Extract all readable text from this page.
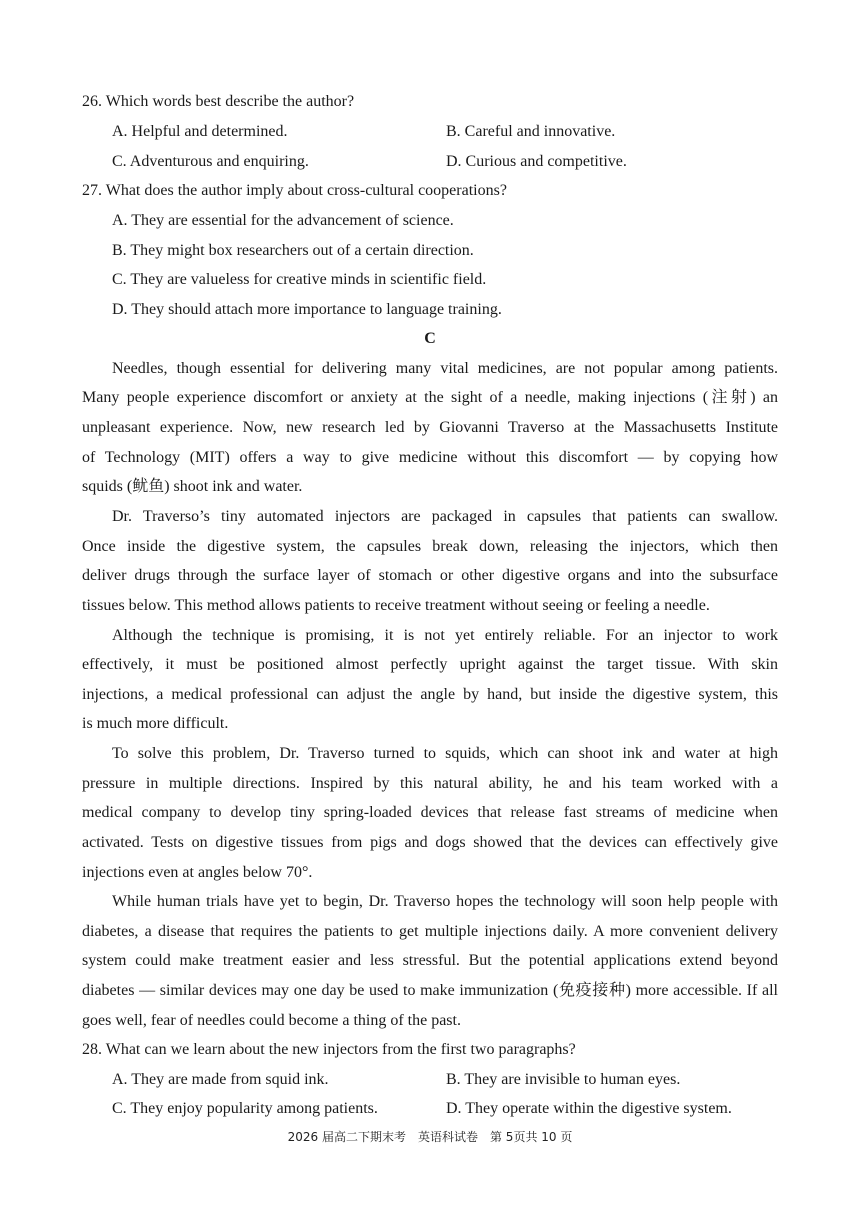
26. Which words best describe the author?
A. Helpful and determined.	B. Careful and innovative.
C. Adventurous and enquiring.	D. Curious and competitive.
27. What does the author imply about cross-cultural cooperations?
A. They are essential for the advancement of science.
B. They might box researchers out of a certain direction.
C. They are valueless for creative minds in scientific field.
D. They should attach more importance to language training.
C
Needles, though essential for delivering many vital medicines, are not popular among patients.
Many people experience discomfort or anxiety at the sight of a needle, making injections (注射) an
unpleasant experience. Now, new research led by Giovanni Traverso at the Massachusetts Institute
of Technology (MIT) offers a way to give medicine without this discomfort — by copying how
squids (鱿鱼) shoot ink and water.
Dr. Traverso’s tiny automated injectors are packaged in capsules that patients can swallow.
Once inside the digestive system, the capsules break down, releasing the injectors, which then
deliver drugs through the surface layer of stomach or other digestive organs and into the subsurface
tissues below. This method allows patients to receive treatment without seeing or feeling a needle.
Although the technique is promising, it is not yet entirely reliable. For an injector to work
effectively, it must be positioned almost perfectly upright against the target tissue. With skin
injections, a medical professional can adjust the angle by hand, but inside the digestive system, this
is much more difficult.
To solve this problem, Dr. Traverso turned to squids, which can shoot ink and water at high
pressure in multiple directions. Inspired by this natural ability, he and his team worked with a
medical company to develop tiny spring-loaded devices that release fast streams of medicine when
activated. Tests on digestive tissues from pigs and dogs showed that the devices can effectively give
injections even at angles below 70°.
While human trials have yet to begin, Dr. Traverso hopes the technology will soon help people with
diabetes, a disease that requires the patients to get multiple injections daily. A more convenient delivery
system could make treatment easier and less stressful. But the potential applications extend beyond
diabetes — similar devices may one day be used to make immunization (免疫接种) more accessible. If all
goes well, fear of needles could become a thing of the past.
28. What can we learn about the new injectors from the first two paragraphs?
A. They are made from squid ink.	B. They are invisible to human eyes.
C. They enjoy popularity among patients.	D. They operate within the digestive system.
2026 届高二下期末考　英语科试卷　第 5页共 10 页
